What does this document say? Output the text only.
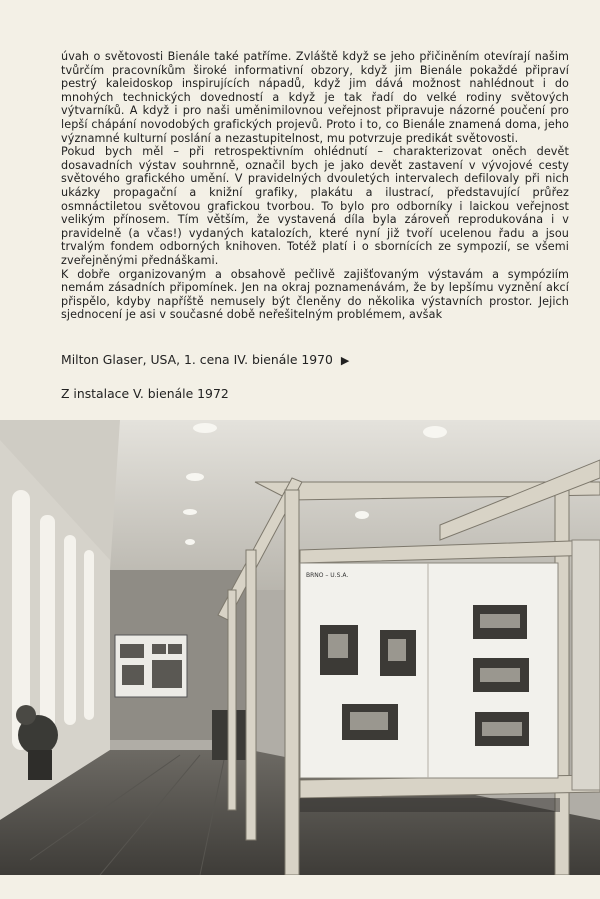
úvah o světovosti Bienále také patříme. Zvláště když se jeho přičiněním otevírají našim tvůrčím pracovníkům široké informativní obzory, když jim Bienále pokaždé připraví pestrý kaleidoskop inspirujících nápadů, když jim dává možnost nahlédnout i do mnohých technických dovedností a když je tak řadí do velké rodiny světových výtvarníků. A když i pro naši uměnimilovnou veřejnost připravuje názorné poučení pro lepší chápání novodobých grafických projevů. Proto i to, co Bienále znamená doma, jeho významné kulturní poslání a nezastupitelnost, mu potvrzuje predikát světovosti.

Pokud bych měl – při retrospektivním ohlédnutí – charakterizovat oněch devět dosavadních výstav souhrnně, označil bych je jako devět zastavení v vývojové cesty světového grafického umění. V pravidelných dvouletých intervalech defilovaly při nich ukázky propagační a knižní grafiky, plakátu a ilustrací, představující průřez osmnáctiletou světovou grafickou tvorbou. To bylo pro odborníky i laickou veřejnost velikým přínosem. Tím větším, že vystavená díla byla zároveň reprodukována i v pravidelně (a včas!) vydaných katalozích, které nyní již tvoří ucelenou řadu a jsou trvalým fondem odborných knihoven. Totéž platí i o sbornících ze sympozií, se všemi zveřejněnými přednáškami.

K dobře organizovaným a obsahově pečlivě zajišťovaným výstavám a sympóziím nemám zásadních připomínek. Jen na okraj poznamenávám, že by lepšímu vyznění akcí přispělo, kdyby napříště nemusely být členěny do několika výstavních prostor. Jejich sjednocení je asi v současné době neřešitelným problémem, avšak

Milton Glaser, USA, 1. cena IV. bienále 1970 ▶
Z instalace V. bienále 1972
BRNO – U.S.A.
